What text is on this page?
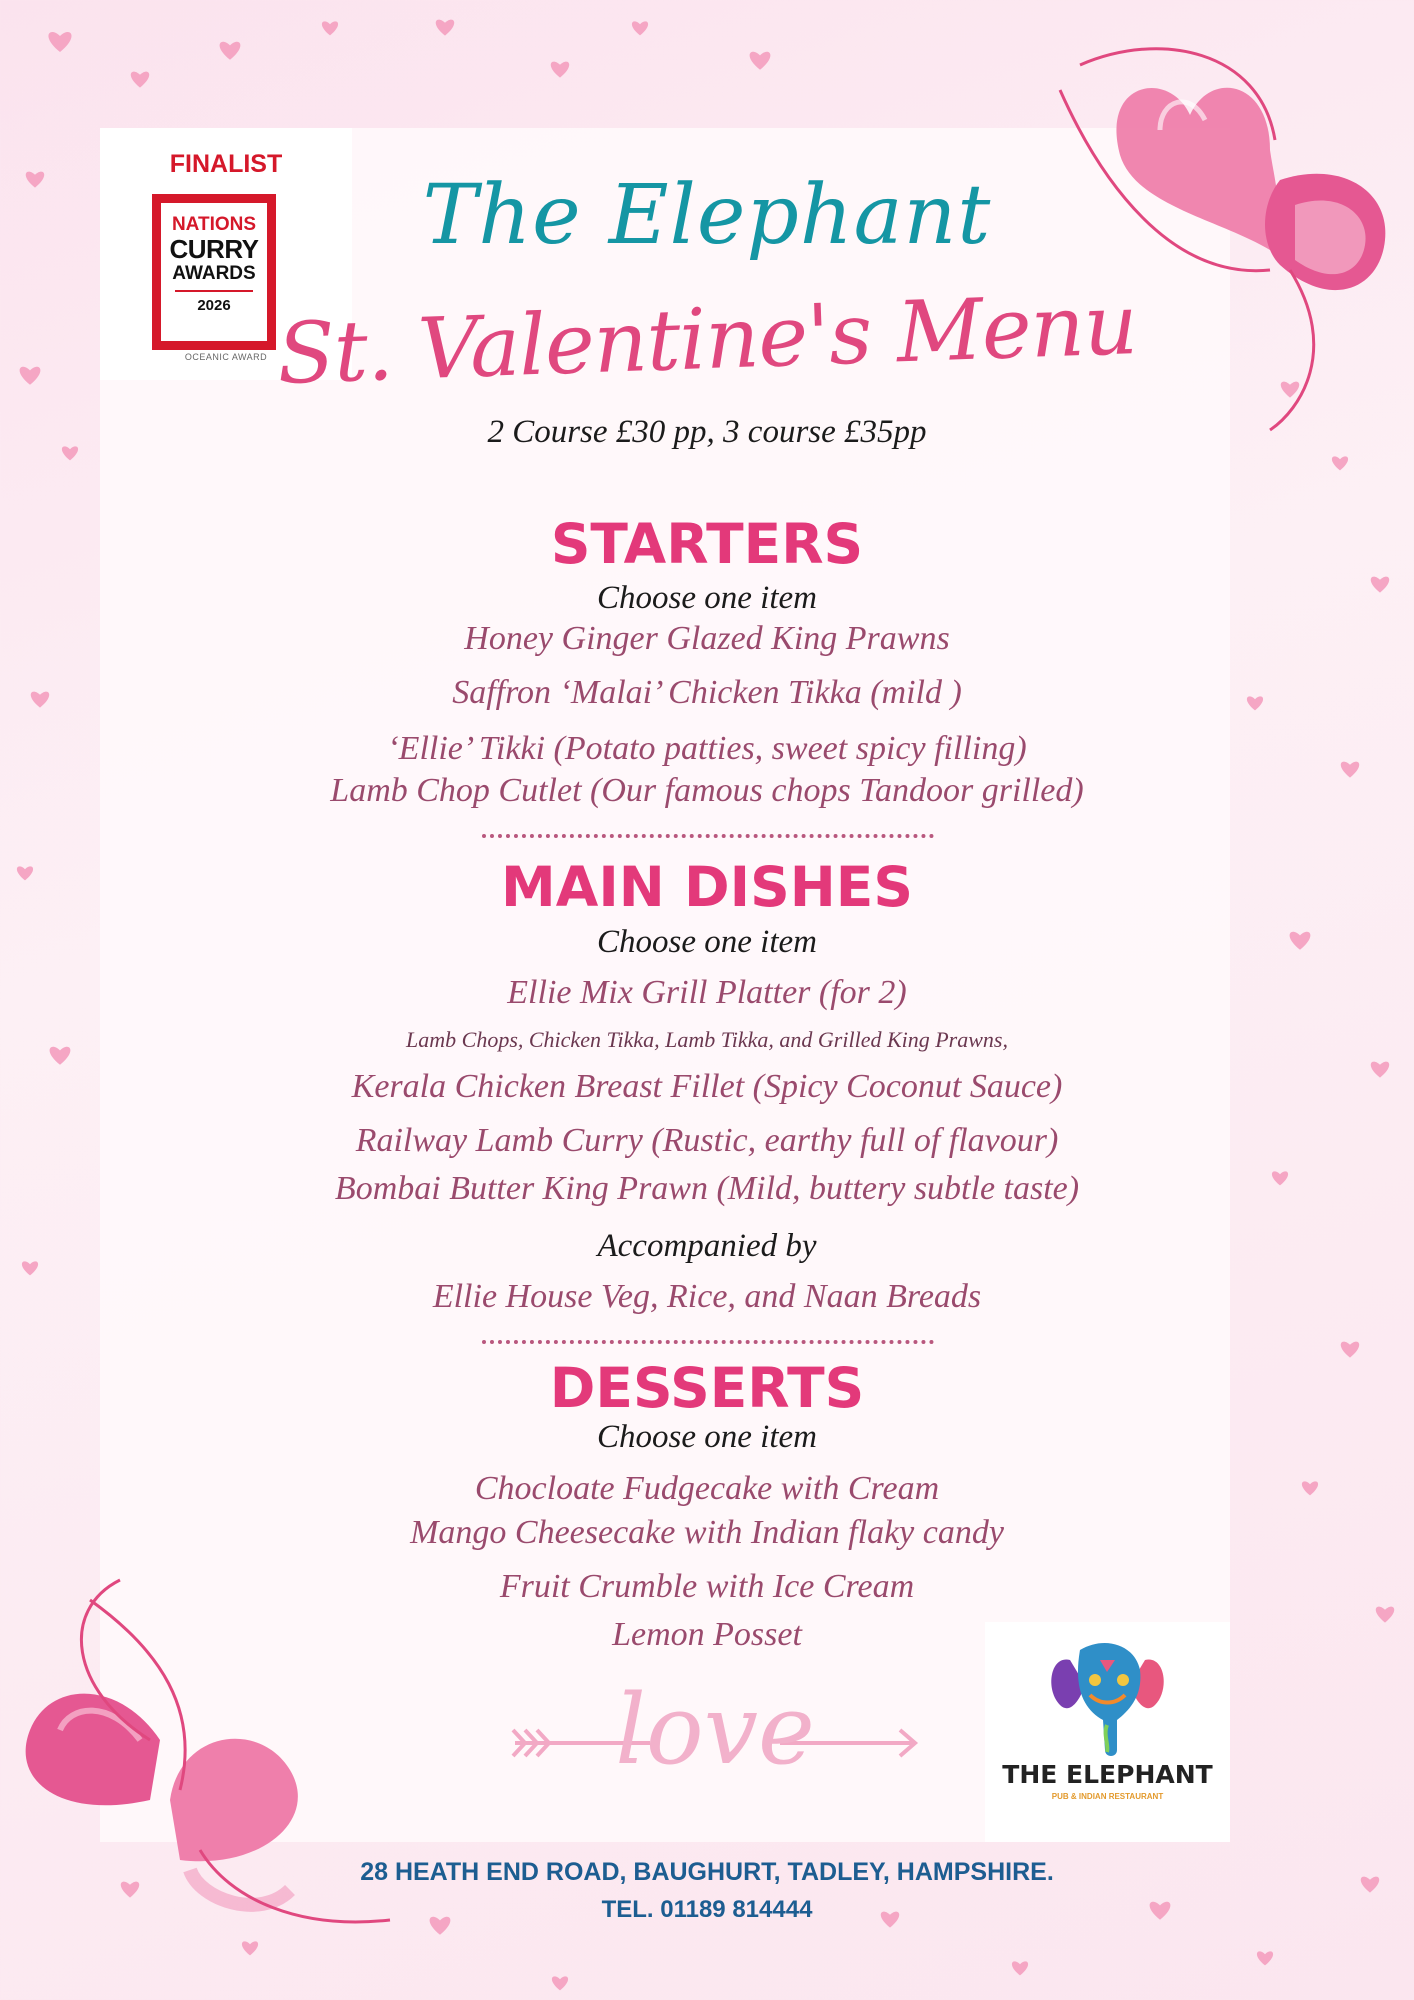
FINALIST
NATIONS
CURRY
AWARDS
2026
OCEANIC AWARD
The Elephant
St. Valentine's Menu
2 Course £30 pp, 3 course £35pp
STARTERS
Choose one item
Honey Ginger Glazed King Prawns
Saffron ‘Malai’ Chicken Tikka (mild )
‘Ellie’ Tikki (Potato patties, sweet spicy filling)
Lamb Chop Cutlet (Our famous chops Tandoor grilled)
MAIN DISHES
Choose one item
Ellie Mix Grill Platter (for 2)
Lamb Chops, Chicken Tikka, Lamb Tikka, and Grilled King Prawns,
Kerala Chicken Breast Fillet (Spicy Coconut Sauce)
Railway Lamb Curry (Rustic, earthy full of flavour)
Bombai Butter King Prawn (Mild, buttery subtle taste)
Accompanied by
Ellie House Veg, Rice, and Naan Breads
DESSERTS
Choose one item
Chocloate Fudgecake with Cream
Mango Cheesecake with Indian flaky candy
Fruit Crumble with Ice Cream
Lemon Posset
love	THE ELEPHANT
PUB & INDIAN RESTAURANT
28 HEATH END ROAD, BAUGHURT, TADLEY, HAMPSHIRE.
TEL. 01189 814444
